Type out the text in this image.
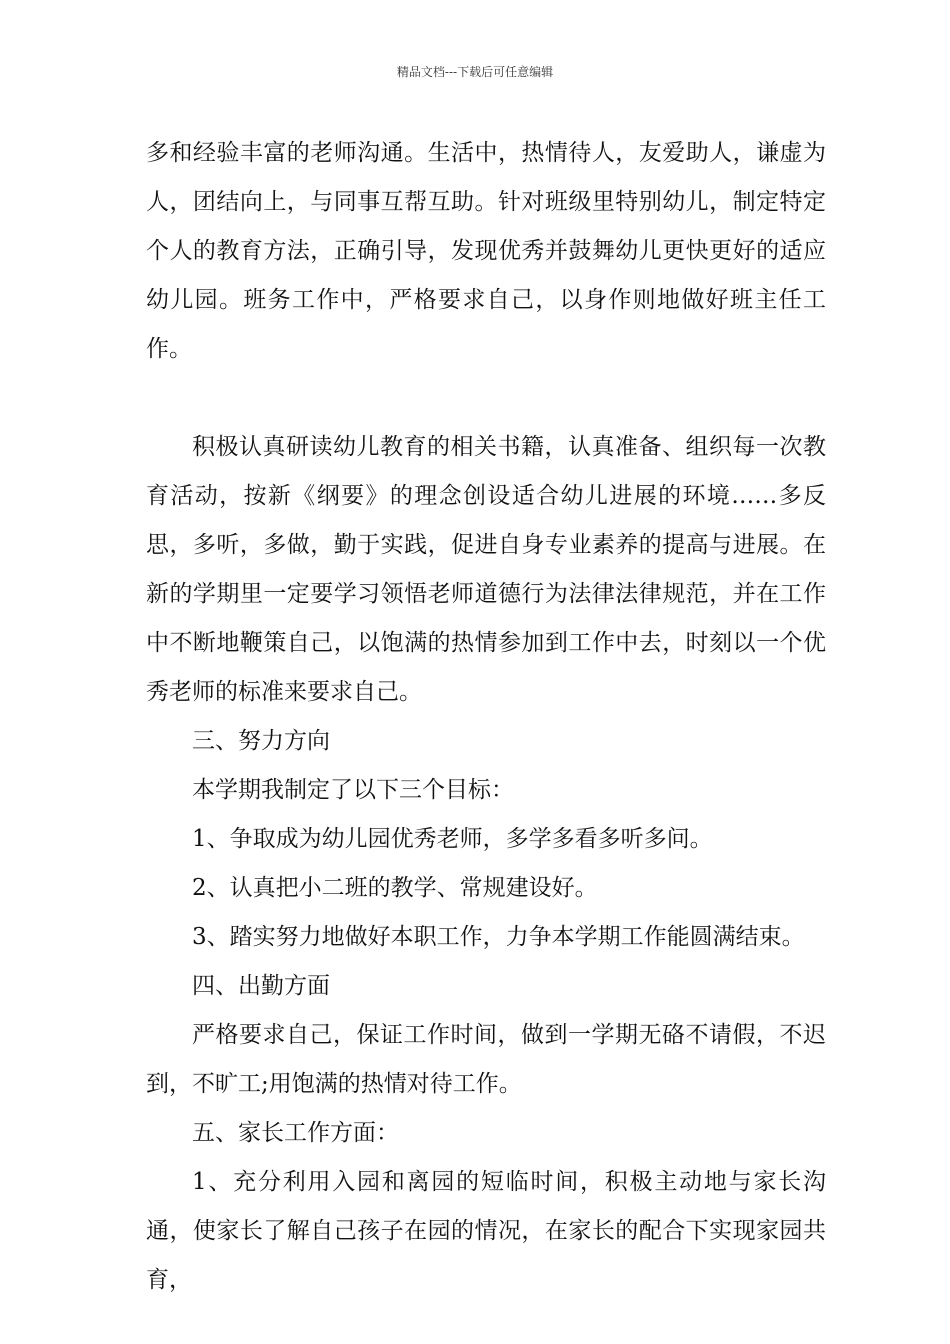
精品文档---下载后可任意编辑

多和经验丰富的老师沟通。生活中，热情待人，友爱助人，谦虚为人，团结向上，与同事互帮互助。针对班级里特别幼儿，制定特定个人的教育方法，正确引导，发现优秀并鼓舞幼儿更快更好的适应幼儿园。班务工作中，严格要求自己，以身作则地做好班主任工作。

积极认真研读幼儿教育的相关书籍，认真准备、组织每一次教育活动，按新《纲要》的理念创设适合幼儿进展的环境……多反思，多听，多做，勤于实践，促进自身专业素养的提高与进展。在新的学期里一定要学习领悟老师道德行为法律法律规范，并在工作中不断地鞭策自己，以饱满的热情参加到工作中去，时刻以一个优秀老师的标准来要求自己。

三、努力方向

本学期我制定了以下三个目标：

1、争取成为幼儿园优秀老师，多学多看多听多问。

2、认真把小二班的教学、常规建设好。

3、踏实努力地做好本职工作，力争本学期工作能圆满结束。

四、出勤方面

严格要求自己，保证工作时间，做到一学期无硌不请假，不迟到，不旷工;用饱满的热情对待工作。

五、家长工作方面：

1、充分利用入园和离园的短临时间，积极主动地与家长沟通，使家长了解自己孩子在园的情况，在家长的配合下实现家园共育，
